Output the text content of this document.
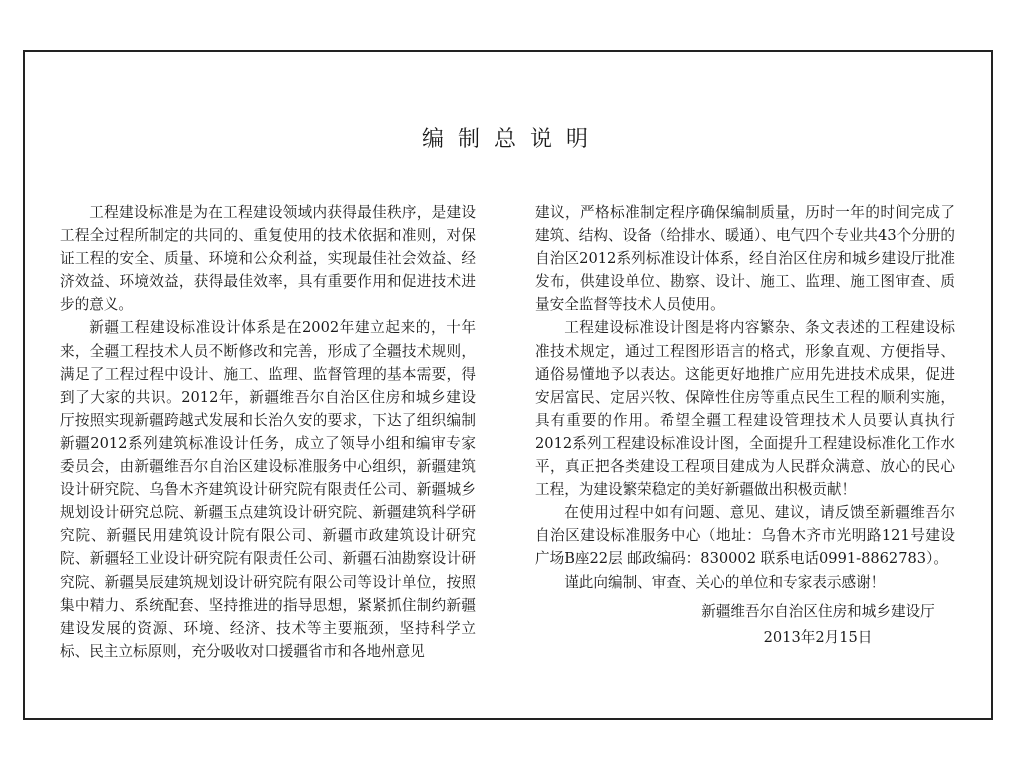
编制总说明

工程建设标准是为在工程建设领域内获得最佳秩序，是建设工程全过程所制定的共同的、重复使用的技术依据和准则，对保证工程的安全、质量、环境和公众利益，实现最佳社会效益、经济效益、环境效益，获得最佳效率，具有重要作用和促进技术进步的意义。

新疆工程建设标准设计体系是在2002年建立起来的，十年来，全疆工程技术人员不断修改和完善，形成了全疆技术规则，满足了工程过程中设计、施工、监理、监督管理的基本需要，得到了大家的共识。2012年，新疆维吾尔自治区住房和城乡建设厅按照实现新疆跨越式发展和长治久安的要求，下达了组织编制新疆2012系列建筑标准设计任务，成立了领导小组和编审专家委员会，由新疆维吾尔自治区建设标准服务中心组织，新疆建筑设计研究院、乌鲁木齐建筑设计研究院有限责任公司、新疆城乡规划设计研究总院、新疆玉点建筑设计研究院、新疆建筑科学研究院、新疆民用建筑设计院有限公司、新疆市政建筑设计研究院、新疆轻工业设计研究院有限责任公司、新疆石油勘察设计研究院、新疆昊辰建筑规划设计研究院有限公司等设计单位，按照集中精力、系统配套、坚持推进的指导思想，紧紧抓住制约新疆建设发展的资源、环境、经济、技术等主要瓶颈，坚持科学立标、民主立标原则，充分吸收对口援疆省市和各地州意见

建议，严格标准制定程序确保编制质量，历时一年的时间完成了建筑、结构、设备（给排水、暖通）、电气四个专业共43个分册的自治区2012系列标准设计体系，经自治区住房和城乡建设厅批准发布，供建设单位、勘察、设计、施工、监理、施工图审查、质量安全监督等技术人员使用。

工程建设标准设计图是将内容繁杂、条文表述的工程建设标准技术规定，通过工程图形语言的格式，形象直观、方便指导、通俗易懂地予以表达。这能更好地推广应用先进技术成果，促进安居富民、定居兴牧、保障性住房等重点民生工程的顺利实施，具有重要的作用。希望全疆工程建设管理技术人员要认真执行2012系列工程建设标准设计图，全面提升工程建设标准化工作水平，真正把各类建设工程项目建成为人民群众满意、放心的民心工程，为建设繁荣稳定的美好新疆做出积极贡献！

在使用过程中如有问题、意见、建议，请反馈至新疆维吾尔自治区建设标准服务中心（地址：乌鲁木齐市光明路121号建设广场B座22层 邮政编码：830002 联系电话0991-8862783）。

谨此向编制、审查、关心的单位和专家表示感谢！

新疆维吾尔自治区住房和城乡建设厅
2013年2月15日
